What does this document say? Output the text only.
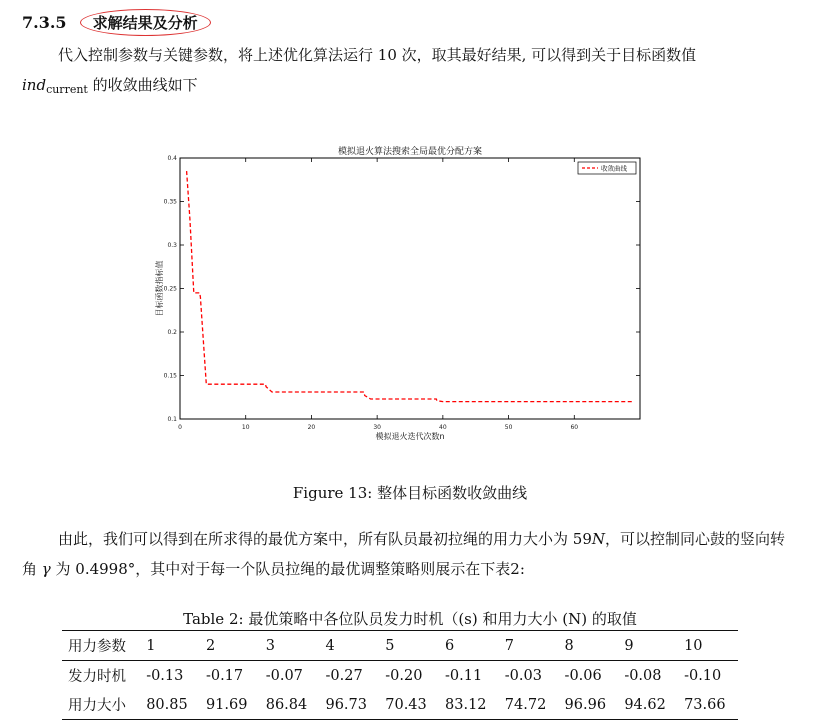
7.3.5 求解结果及分析
代入控制参数与关键参数，将上述优化算法运行 10 次，取其最好结果, 可以得到关于目标函数值
ind$_{current}$ 的收敛曲线如下
0	10	20	30	40	50	60
0.1
0.15
0.2
0.25
0.3
0.35
0.4
模拟退火算法搜索全局最优分配方案
模拟退火迭代次数n
目标函数指标值
收敛曲线
Figure 13: 整体目标函数收敛曲线
由此，我们可以得到在所求得的最优方案中，所有队员最初拉绳的用力大小为 59N，可以控制同心鼓的竖向转角 γ 为 0.4998°，其中对于每一个队员拉绳的最优调整策略则展示在下表2:
Table 2: 最优策略中各位队员发力时机（(s) 和用力大小 (N) 的取值
用力参数	1	2	3	4	5	6	7	8	9	10
发力时机	-0.13	-0.17	-0.07	-0.27	-0.20	-0.11	-0.03	-0.06	-0.08	-0.10
用力大小	80.85	91.69	86.84	96.73	70.43	83.12	74.72	96.96	94.62	73.66
